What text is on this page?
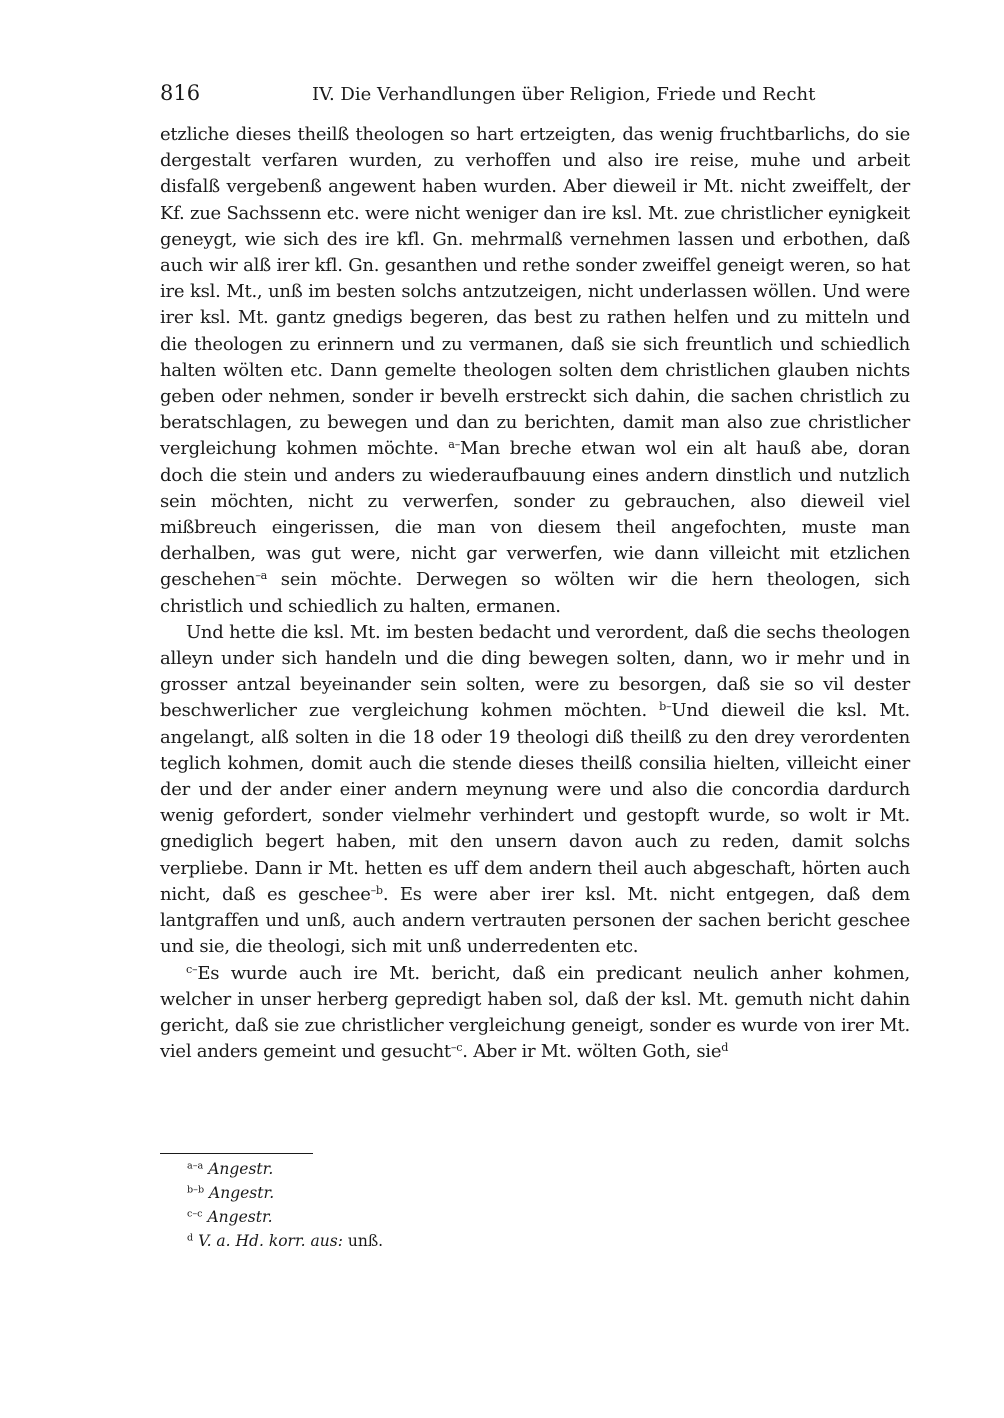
816	IV. Die Verhandlungen über Religion, Friede und Recht

etzliche dieses theilß theologen so hart ertzeigten, das wenig fruchtbarlichs, do sie dergestalt verfaren wurden, zu verhoffen und also ire reise, muhe und arbeit disfalß vergebenß angewent haben wurden. Aber dieweil ir Mt. nicht zweiffelt, der Kf. zue Sachssenn etc. were nicht weniger dan ire ksl. Mt. zue christlicher eynigkeit geneygt, wie sich des ire kfl. Gn. mehrmalß vernehmen lassen und erbothen, daß auch wir alß irer kfl. Gn. gesanthen und rethe sonder zweiffel geneigt weren, so hat ire ksl. Mt., unß im besten solchs antzutzeigen, nicht underlassen wöllen. Und were irer ksl. Mt. gantz gnedigs begeren, das best zu rathen helfen und zu mitteln und die theologen zu erinnern und zu vermanen, daß sie sich freuntlich und schiedlich halten wölten etc. Dann gemelte theologen solten dem christlichen glauben nichts geben oder nehmen, sonder ir bevelh erstreckt sich dahin, die sachen christlich zu beratschlagen, zu bewegen und dan zu berichten, damit man also zue christlicher vergleichung kohmen möchte. $^{a-}$Man breche etwan wol ein alt hauß abe, doran doch die stein und anders zu wiederaufbauung eines andern dinstlich und nutzlich sein möchten, nicht zu verwerfen, sonder zu gebrauchen, also dieweil viel mißbreuch eingerissen, die man von diesem theil angefochten, muste man derhalben, was gut were, nicht gar verwerfen, wie dann villeicht mit etzlichen geschehen$^{-a}$ sein möchte. Derwegen so wölten wir die hern theologen, sich christlich und schiedlich zu halten, ermanen.

Und hette die ksl. Mt. im besten bedacht und verordent, daß die sechs theologen alleyn under sich handeln und die ding bewegen solten, dann, wo ir mehr und in grosser antzal beyeinander sein solten, were zu besorgen, daß sie so vil dester beschwerlicher zue vergleichung kohmen möchten. $^{b-}$Und dieweil die ksl. Mt. angelangt, alß solten in die 18 oder 19 theologi diß theilß zu den drey verordenten teglich kohmen, domit auch die stende dieses theilß consilia hielten, villeicht einer der und der ander einer andern meynung were und also die concordia dardurch wenig gefordert, sonder vielmehr verhindert und gestopft wurde, so wolt ir Mt. gnediglich begert haben, mit den unsern davon auch zu reden, damit solchs verpliebe. Dann ir Mt. hetten es uff dem andern theil auch abgeschaft, hörten auch nicht, daß es geschee$^{-b}$. Es were aber irer ksl. Mt. nicht entgegen, daß dem lantgraffen und unß, auch andern vertrauten personen der sachen bericht geschee und sie, die theologi, sich mit unß underredenten etc.

$^{c-}$Es wurde auch ire Mt. bericht, daß ein predicant neulich anher kohmen, welcher in unser herberg gepredigt haben sol, daß der ksl. Mt. gemuth nicht dahin gericht, daß sie zue christlicher vergleichung geneigt, sonder es wurde von irer Mt. viel anders gemeint und gesucht$^{-c}$. Aber ir Mt. wölten Goth, sie$^d$

$^{a-a}$ Angestr.
$^{b-b}$ Angestr.
$^{c-c}$ Angestr.
$^d$ V. a. Hd. korr. aus: unß.
